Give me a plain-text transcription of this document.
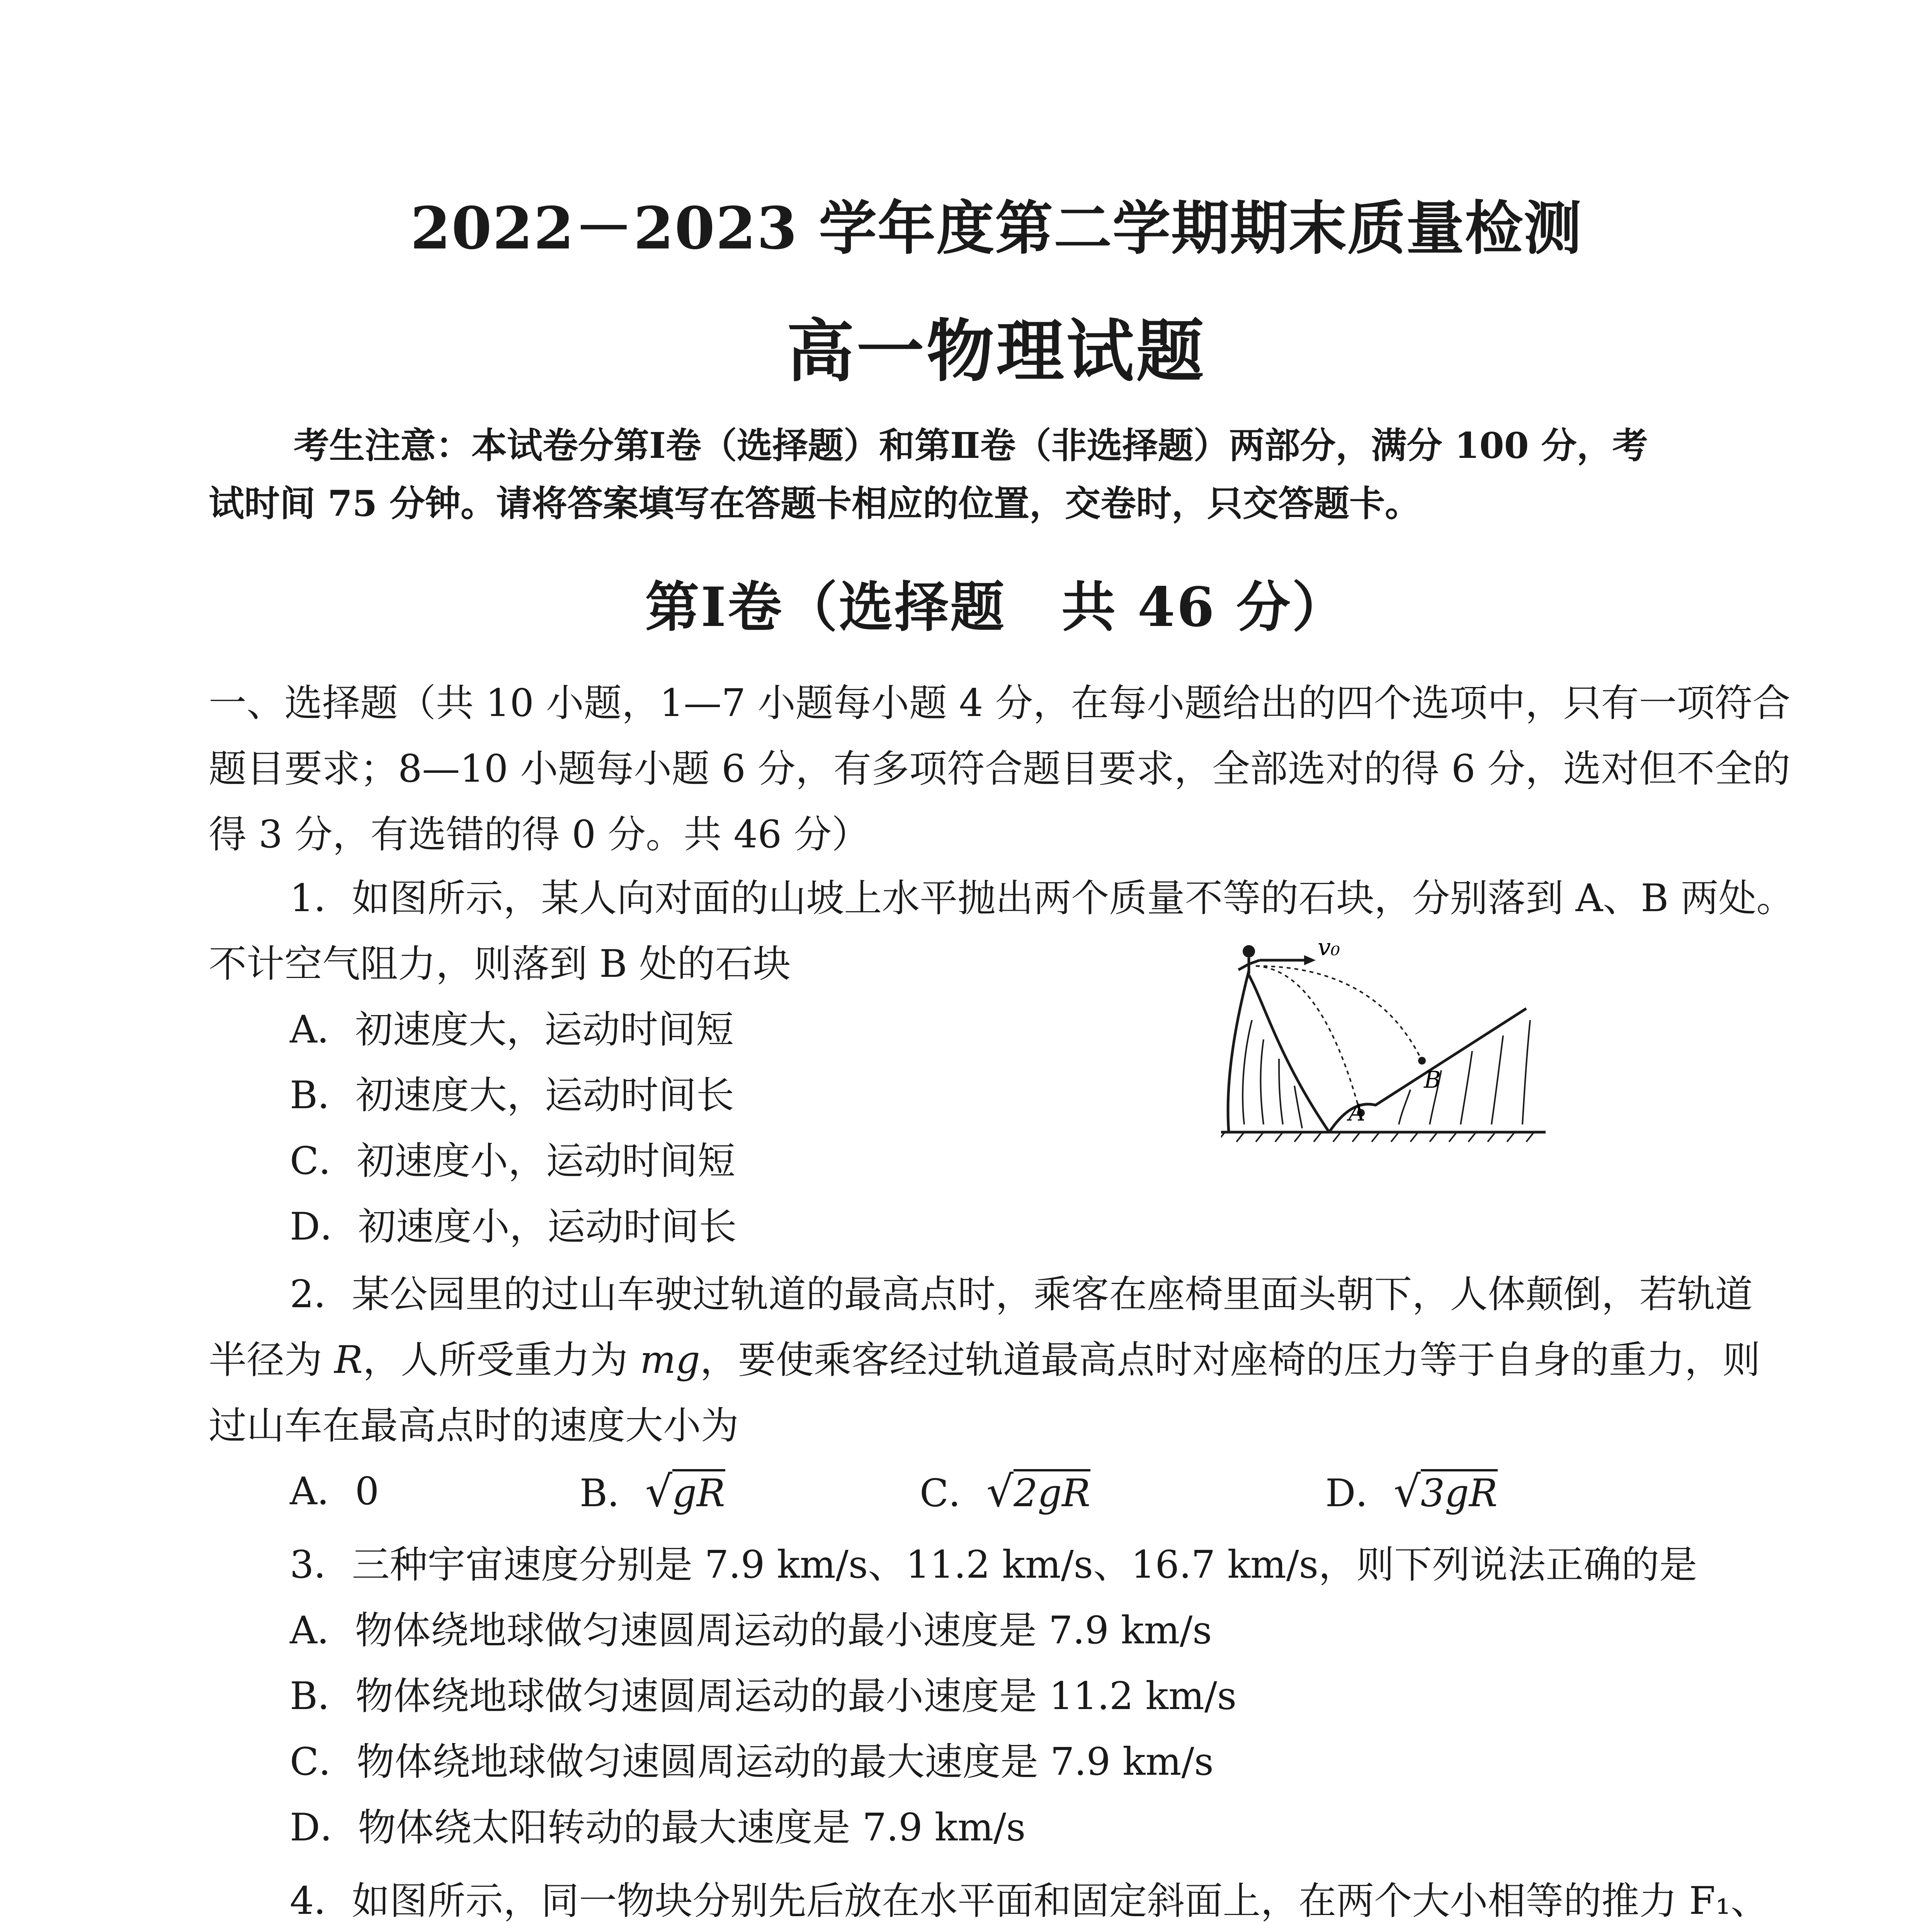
2022－2023 学年度第二学期期末质量检测
高一物理试题
考生注意：本试卷分第Ⅰ卷（选择题）和第Ⅱ卷（非选择题）两部分，满分 100 分，考
试时间 75 分钟。请将答案填写在答题卡相应的位置，交卷时，只交答题卡。
第Ⅰ卷（选择题　共 46 分）
一、选择题（共 10 小题，1—7 小题每小题 4 分，在每小题给出的四个选项中，只有一项符合
题目要求；8—10 小题每小题 6 分，有多项符合题目要求，全部选对的得 6 分，选对但不全的
得 3 分，有选错的得 0 分。共 46 分）
1．如图所示，某人向对面的山坡上水平抛出两个质量不等的石块，分别落到 A、B 两处。
不计空气阻力，则落到 B 处的石块
A．初速度大，运动时间短
B．初速度大，运动时间长
C．初速度小，运动时间短
D．初速度小，运动时间长
v₀
A
B
2．某公园里的过山车驶过轨道的最高点时，乘客在座椅里面头朝下，人体颠倒，若轨道
半径为 R，人所受重力为 mg，要使乘客经过轨道最高点时对座椅的压力等于自身的重力，则
过山车在最高点时的速度大小为
A．0	B．√gR	C．√2gR	D．√3gR
3．三种宇宙速度分别是 7.9 km/s、11.2 km/s、16.7 km/s，则下列说法正确的是
A．物体绕地球做匀速圆周运动的最小速度是 7.9 km/s
B．物体绕地球做匀速圆周运动的最小速度是 11.2 km/s
C．物体绕地球做匀速圆周运动的最大速度是 7.9 km/s
D．物体绕太阳转动的最大速度是 7.9 km/s
4．如图所示，同一物块分别先后放在水平面和固定斜面上，在两个大小相等的推力 F₁、
